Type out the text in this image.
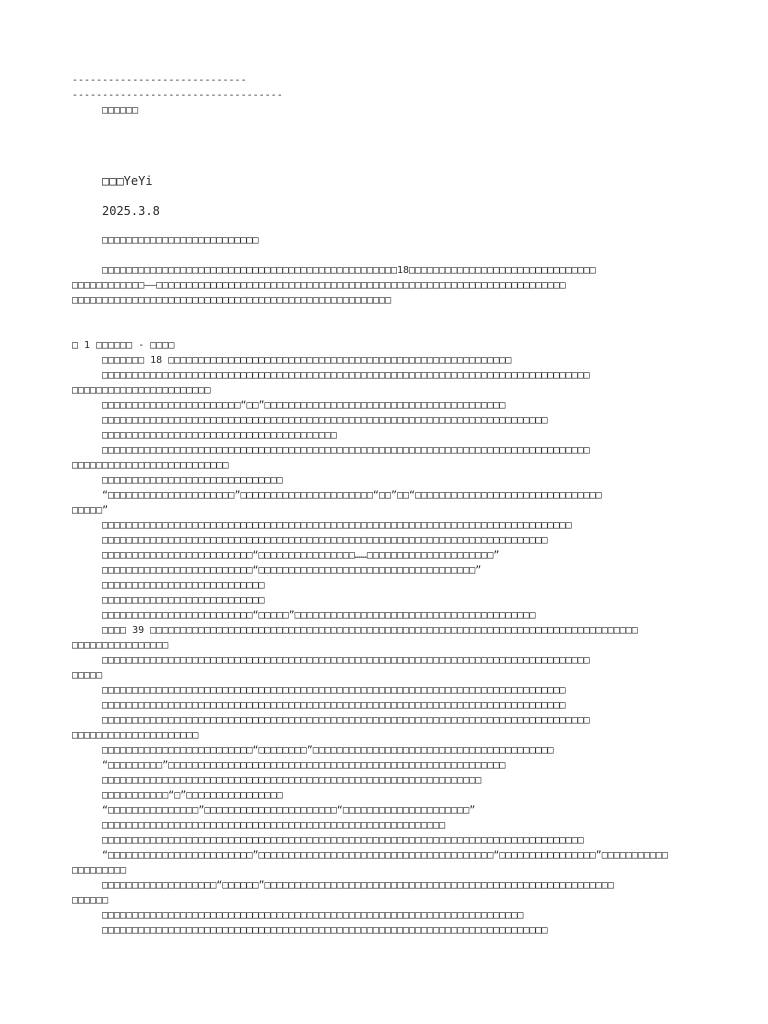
-----------------------------
-----------------------------------
□□□□□□
□□□YeYi
2025.3.8
□□□□□□□□□□□□□□□□□□□□□□□□□□
□□□□□□□□□□□□□□□□□□□□□□□□□□□□□□□□□□□□□□□□□□□□□□□□□18□□□□□□□□□□□□□□□□□□□□□□□□□□□□□□□
□□□□□□□□□□□□——□□□□□□□□□□□□□□□□□□□□□□□□□□□□□□□□□□□□□□□□□□□□□□□□□□□□□□□□□□□□□□□□□□□□
□□□□□□□□□□□□□□□□□□□□□□□□□□□□□□□□□□□□□□□□□□□□□□□□□□□□□
□ 1 □□□□□□ - □□□□
□□□□□□□ 18 □□□□□□□□□□□□□□□□□□□□□□□□□□□□□□□□□□□□□□□□□□□□□□□□□□□□□□□□□
□□□□□□□□□□□□□□□□□□□□□□□□□□□□□□□□□□□□□□□□□□□□□□□□□□□□□□□□□□□□□□□□□□□□□□□□□□□□□□□□□
□□□□□□□□□□□□□□□□□□□□□□□
□□□□□□□□□□□□□□□□□□□□□□□“□□”□□□□□□□□□□□□□□□□□□□□□□□□□□□□□□□□□□□□□□□□
□□□□□□□□□□□□□□□□□□□□□□□□□□□□□□□□□□□□□□□□□□□□□□□□□□□□□□□□□□□□□□□□□□□□□□□□□□
□□□□□□□□□□□□□□□□□□□□□□□□□□□□□□□□□□□□□□□
□□□□□□□□□□□□□□□□□□□□□□□□□□□□□□□□□□□□□□□□□□□□□□□□□□□□□□□□□□□□□□□□□□□□□□□□□□□□□□□□□
□□□□□□□□□□□□□□□□□□□□□□□□□□
□□□□□□□□□□□□□□□□□□□□□□□□□□□□□□
“□□□□□□□□□□□□□□□□□□□□□”□□□□□□□□□□□□□□□□□□□□□□“□□”□□“□□□□□□□□□□□□□□□□□□□□□□□□□□□□□□□
□□□□□”
□□□□□□□□□□□□□□□□□□□□□□□□□□□□□□□□□□□□□□□□□□□□□□□□□□□□□□□□□□□□□□□□□□□□□□□□□□□□□□
□□□□□□□□□□□□□□□□□□□□□□□□□□□□□□□□□□□□□□□□□□□□□□□□□□□□□□□□□□□□□□□□□□□□□□□□□□
□□□□□□□□□□□□□□□□□□□□□□□□□“□□□□□□□□□□□□□□□□……□□□□□□□□□□□□□□□□□□□□□”
□□□□□□□□□□□□□□□□□□□□□□□□□“□□□□□□□□□□□□□□□□□□□□□□□□□□□□□□□□□□□□”
□□□□□□□□□□□□□□□□□□□□□□□□□□□
□□□□□□□□□□□□□□□□□□□□□□□□□□□
□□□□□□□□□□□□□□□□□□□□□□□□□“□□□□□”□□□□□□□□□□□□□□□□□□□□□□□□□□□□□□□□□□□□□□□□
□□□□ 39 □□□□□□□□□□□□□□□□□□□□□□□□□□□□□□□□□□□□□□□□□□□□□□□□□□□□□□□□□□□□□□□□□□□□□□□□□□□□□□□□□
□□□□□□□□□□□□□□□□
□□□□□□□□□□□□□□□□□□□□□□□□□□□□□□□□□□□□□□□□□□□□□□□□□□□□□□□□□□□□□□□□□□□□□□□□□□□□□□□□□
□□□□□
□□□□□□□□□□□□□□□□□□□□□□□□□□□□□□□□□□□□□□□□□□□□□□□□□□□□□□□□□□□□□□□□□□□□□□□□□□□□□
□□□□□□□□□□□□□□□□□□□□□□□□□□□□□□□□□□□□□□□□□□□□□□□□□□□□□□□□□□□□□□□□□□□□□□□□□□□□□
□□□□□□□□□□□□□□□□□□□□□□□□□□□□□□□□□□□□□□□□□□□□□□□□□□□□□□□□□□□□□□□□□□□□□□□□□□□□□□□□□
□□□□□□□□□□□□□□□□□□□□□
□□□□□□□□□□□□□□□□□□□□□□□□□“□□□□□□□□”□□□□□□□□□□□□□□□□□□□□□□□□□□□□□□□□□□□□□□□□
“□□□□□□□□□”□□□□□□□□□□□□□□□□□□□□□□□□□□□□□□□□□□□□□□□□□□□□□□□□□□□□□□□□
□□□□□□□□□□□□□□□□□□□□□□□□□□□□□□□□□□□□□□□□□□□□□□□□□□□□□□□□□□□□□□□
□□□□□□□□□□□“□”□□□□□□□□□□□□□□□□
“□□□□□□□□□□□□□□□”□□□□□□□□□□□□□□□□□□□□□□“□□□□□□□□□□□□□□□□□□□□□”
□□□□□□□□□□□□□□□□□□□□□□□□□□□□□□□□□□□□□□□□□□□□□□□□□□□□□□□□□
□□□□□□□□□□□□□□□□□□□□□□□□□□□□□□□□□□□□□□□□□□□□□□□□□□□□□□□□□□□□□□□□□□□□□□□□□□□□□□□□
“□□□□□□□□□□□□□□□□□□□□□□□□”□□□□□□□□□□□□□□□□□□□□□□□□□□□□□□□□□□□□□□□“□□□□□□□□□□□□□□□□”□□□□□□□□□□□
□□□□□□□□□
□□□□□□□□□□□□□□□□□□□“□□□□□□”□□□□□□□□□□□□□□□□□□□□□□□□□□□□□□□□□□□□□□□□□□□□□□□□□□□□□□□□□□
□□□□□□
□□□□□□□□□□□□□□□□□□□□□□□□□□□□□□□□□□□□□□□□□□□□□□□□□□□□□□□□□□□□□□□□□□□□□□
□□□□□□□□□□□□□□□□□□□□□□□□□□□□□□□□□□□□□□□□□□□□□□□□□□□□□□□□□□□□□□□□□□□□□□□□□□
